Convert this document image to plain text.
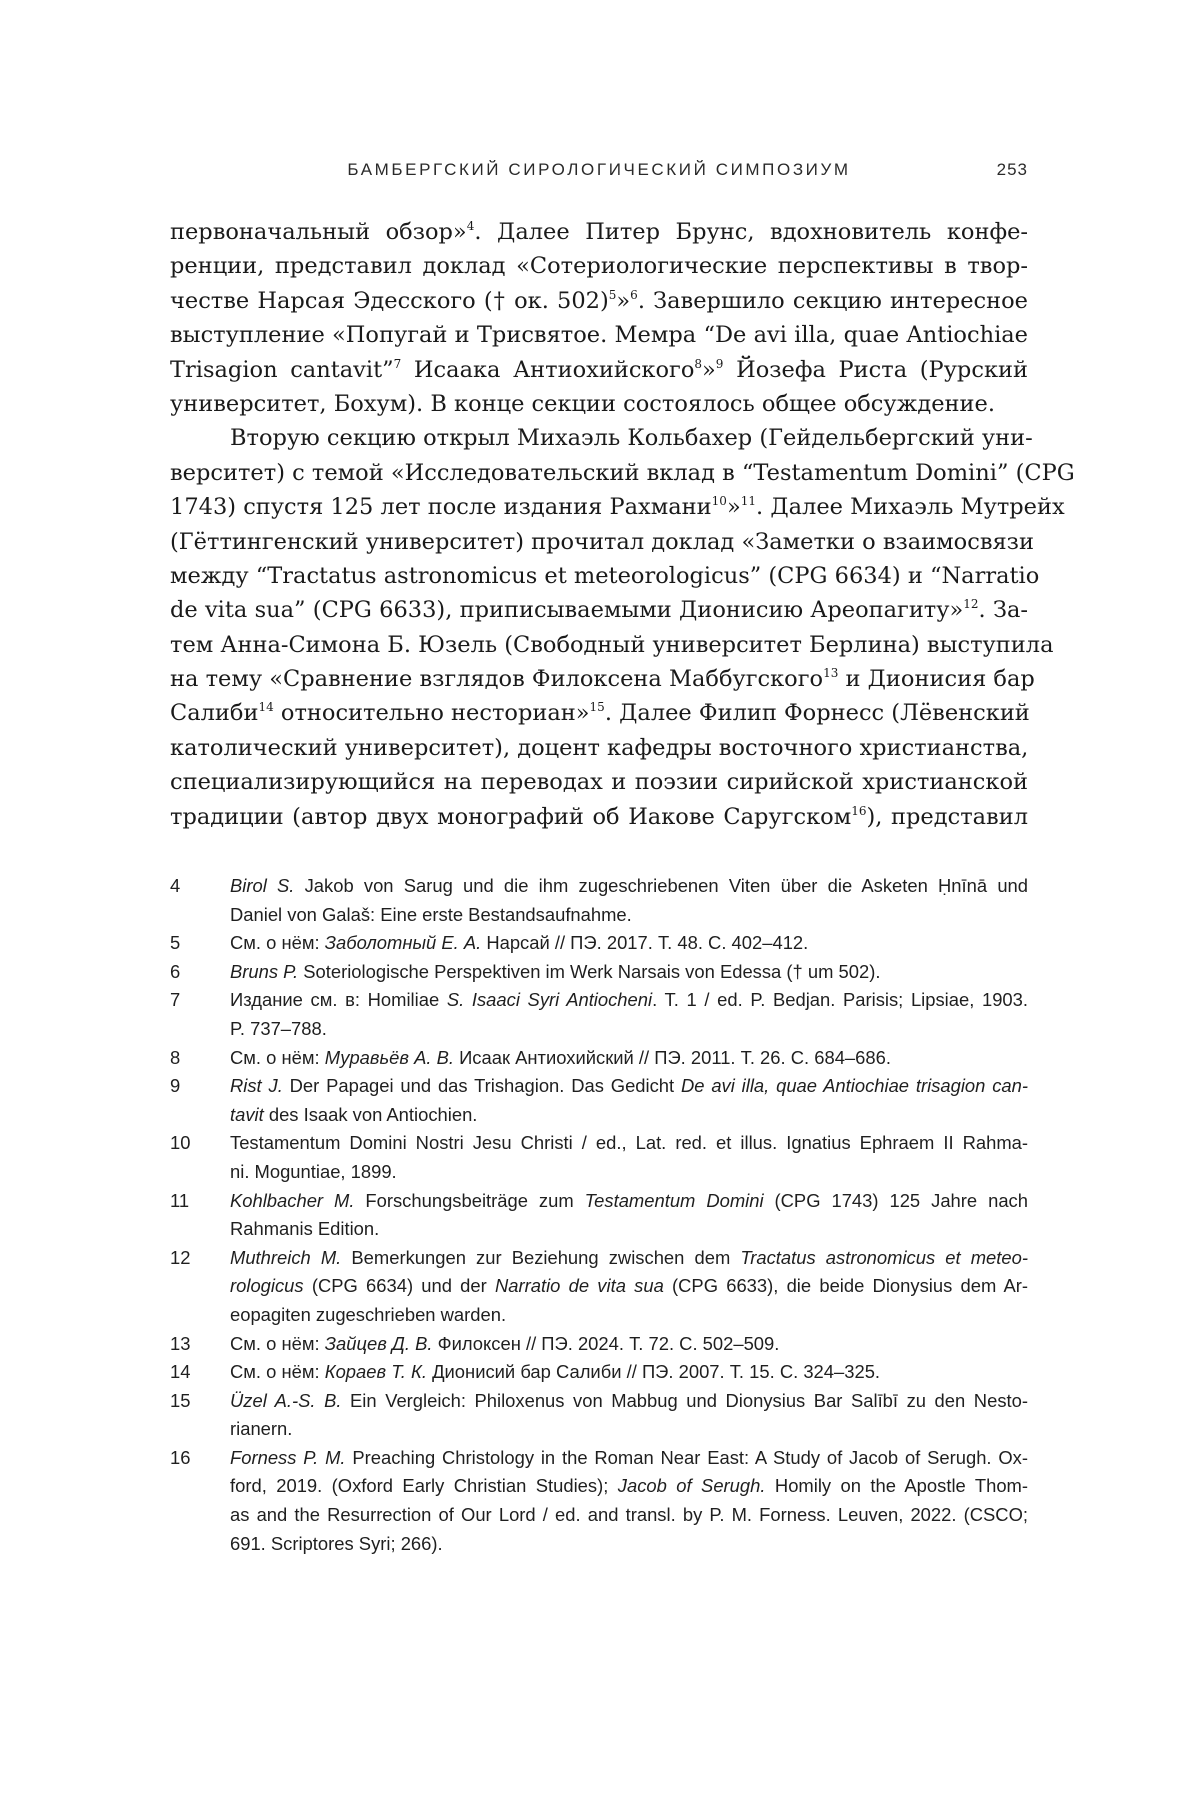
БАМБЕРГСКИЙ СИРОЛОГИЧЕСКИЙ СИМПОЗИУМ	253
первоначальный обзор»$^4$. Далее Питер Брунс, вдохновитель конфе-
ренции, представил доклад «Сотериологические перспективы в твор-
честве Нарсая Эдесского († ок. 502)$^5$»$^6$. Завершило секцию интересное
выступление «Попугай и Трисвятое. Мемра “De avi illa, quae Antiochiae
Trisagion cantavit”$^7$ Исаака Антиохийского$^8$»$^9$ Йозефа Риста (Рурский
университет, Бохум). В конце секции состоялось общее обсуждение.
Вторую секцию открыл Михаэль Кольбахер (Гейдельбергский уни-
верситет) с темой «Исследовательский вклад в “Testamentum Domini” (CPG
1743) спустя 125 лет после издания Рахмани$^{10}$»$^{11}$. Далее Михаэль Мутрейх
(Гёттингенский университет) прочитал доклад «Заметки о взаимосвязи
между “Tractatus astronomicus et meteorologicus” (CPG 6634) и “Narratio
de vita sua” (CPG 6633), приписываемыми Дионисию Ареопагиту»$^{12}$. За-
тем Анна-Симона Б. Юзель (Свободный университет Берлина) выступила
на тему «Сравнение взглядов Филоксена Маббугского$^{13}$ и Дионисия бар
Салиби$^{14}$ относительно несториан»$^{15}$. Далее Филип Форнесс (Лёвенский
католический университет), доцент кафедры восточного христианства,
специализирующийся на переводах и поэзии сирийской христианской
традиции (автор двух монографий об Иакове Саругском$^{16}$), представил
4	Birol S. Jakob von Sarug und die ihm zugeschriebenen Viten über die Asketen Ḥnīnā und
Daniel von Galaš: Eine erste Bestandsaufnahme.
5	См. о нём: Заболотный Е. А. Нарсай // ПЭ. 2017. Т. 48. С. 402–412.
6	Bruns P. Soteriologische Perspektiven im Werk Narsais von Edessa († um 502).
7	Издание см. в: Homiliae S. Isaaci Syri Antiocheni. T. 1 / ed. P. Bedjan. Parisis; Lipsiae, 1903.
P. 737–788.
8	См. о нём: Муравьёв А. В. Исаак Антиохийский // ПЭ. 2011. Т. 26. С. 684–686.
9	Rist J. Der Papagei und das Trishagion. Das Gedicht De avi illa, quae Antiochiae trisagion can-
tavit des Isaak von Antiochien.
10 Testamentum Domini Nostri Jesu Christi / ed., Lat. red. et illus. Ignatius Ephraem II Rahma-
ni. Moguntiae, 1899.
11 Kohlbacher M. Forschungsbeiträge zum Testamentum Domini (CPG 1743) 125 Jahre nach
Rahmanis Edition.
12 Muthreich M. Bemerkungen zur Beziehung zwischen dem Tractatus astronomicus et meteo-
rologicus (CPG 6634) und der Narratio de vita sua (CPG 6633), die beide Dionysius dem Ar-
eopagiten zugeschrieben warden.
13 См. о нём: Зайцев Д. В. Филоксен // ПЭ. 2024. Т. 72. С. 502–509.
14 См. о нём: Кораев Т. К. Дионисий бар Салиби // ПЭ. 2007. Т. 15. С. 324–325.
15 Üzel A.-S. B. Ein Vergleich: Philoxenus von Mabbug und Dionysius Bar Salībī zu den Nesto-
rianern.
16 Forness P. M. Preaching Christology in the Roman Near East: A Study of Jacob of Serugh. Ox-
ford, 2019. (Oxford Early Christian Studies); Jacob of Serugh. Homily on the Apostle Thom-
as and the Resurrection of Our Lord / ed. and transl. by P. M. Forness. Leuven, 2022. (CSCO;
691. Scriptores Syri; 266).
